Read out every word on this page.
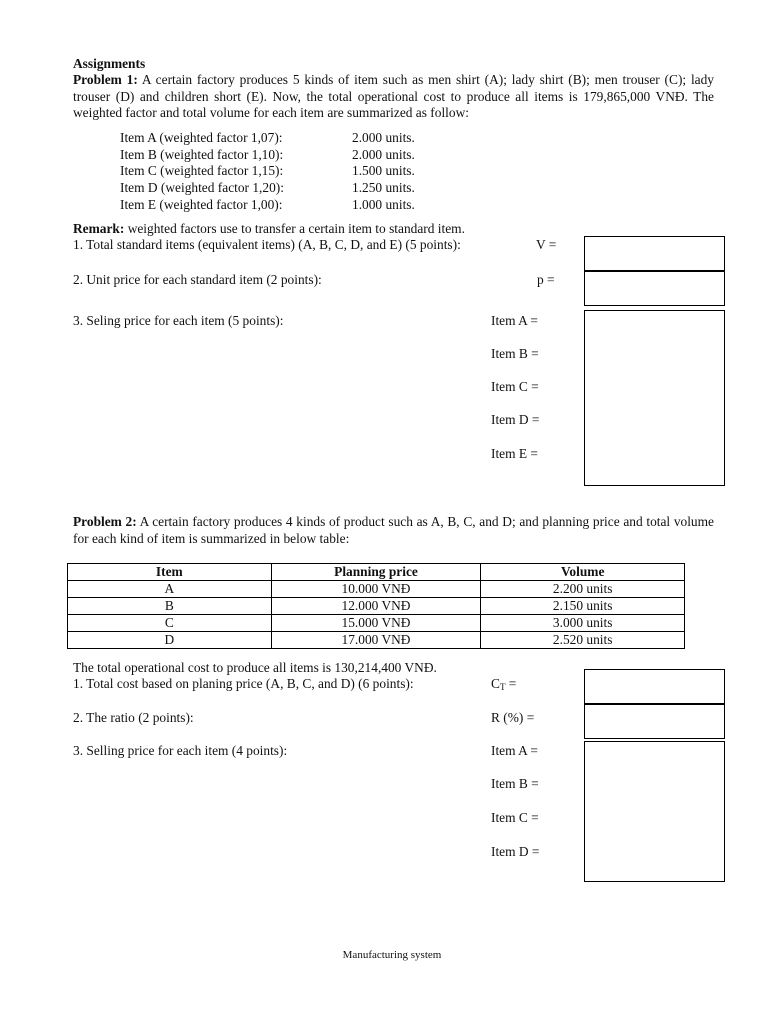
Assignments
Problem 1: A certain factory produces 5 kinds of item such as men shirt (A); lady shirt (B); men trouser (C); lady trouser (D) and children short (E). Now, the total operational cost to produce all items is 179,865,000 VNĐ. The weighted factor and total volume for each item are summarized as follow:
Item A (weighted factor 1,07):	2.000 units.
Item B (weighted factor 1,10):	2.000 units.
Item C (weighted factor 1,15):	1.500 units.
Item D (weighted factor 1,20):	1.250 units.
Item E (weighted factor 1,00):	1.000 units.
Remark: weighted factors use to transfer a certain item to standard item.
1. Total standard items (equivalent items) (A, B, C, D, and E) (5 points):	V =
2. Unit price for each standard item (2 points):	p =
3. Seling price for each item (5 points):	Item A =
Item B =
Item C =
Item D =
Item E =
Problem 2: A certain factory produces 4 kinds of product such as A, B, C, and D; and planning price and total volume for each kind of item is summarized in below table:
Item	Planning price	Volume
A	10.000 VNĐ	2.200 units
B	12.000 VNĐ	2.150 units
C	15.000 VNĐ	3.000 units
D	17.000 VNĐ	2.520 units
The total operational cost to produce all items is 130,214,400 VNĐ.
1. Total cost based on planing price (A, B, C, and D) (6 points):	$C_T$ =
2. The ratio (2 points):	R (%) =
3. Selling price for each item (4 points):	Item A =
Item B =
Item C =
Item D =
Manufacturing system
